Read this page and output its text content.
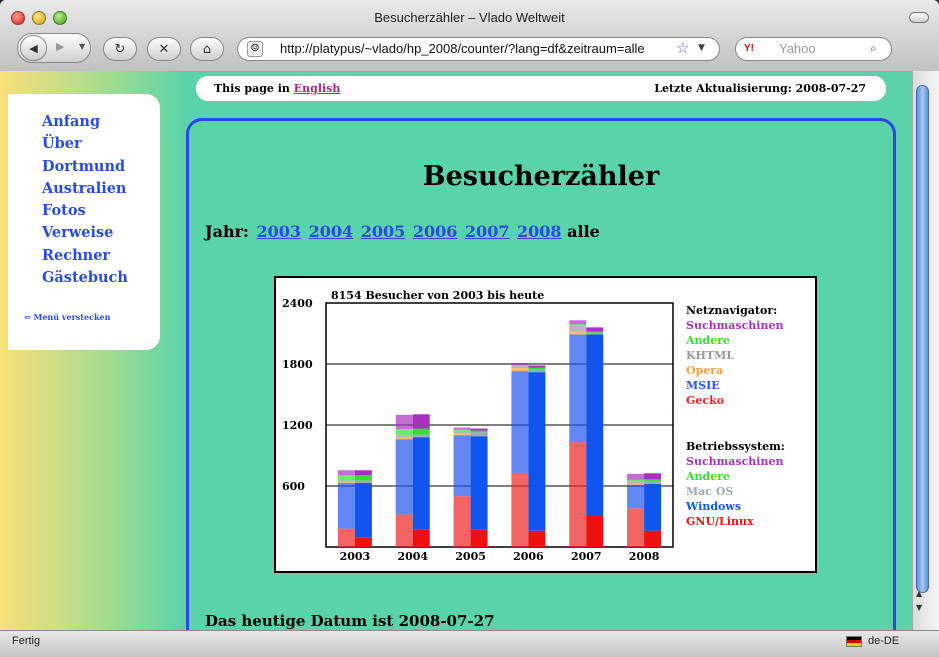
Besucherzähler – Vlado Weltweit
◀ ▶ ▼ ↻	✕	⌂	http://platypus/~vlado/hp_2008/counter/?lang=df&zeitraum=alle
☺	☆ ▼	Yahoo
Y!	⌕
This page in English	Letzte Aktualisierung: 2008-07-27
Anfang
Über
Dortmund
Australien
Fotos
Verweise
Rechner
Gästebuch
⇐ Menü verstecken
Besucherzähler
Jahr: 2003 2004 2005 2006 2007 2008 alle
600
1200
1800
2400
2003 2004 2005 2006 2007 2008
8154 Besucher von 2003 bis heute
Netznavigator:
Suchmaschinen
Andere
KHTML
Opera
MSIE
Gecko
Betriebssystem:
Suchmaschinen
Andere
Mac OS
Windows
GNU/Linux
Das heutige Datum ist 2008-07-27
▲
▼
Fertig	de-DE
